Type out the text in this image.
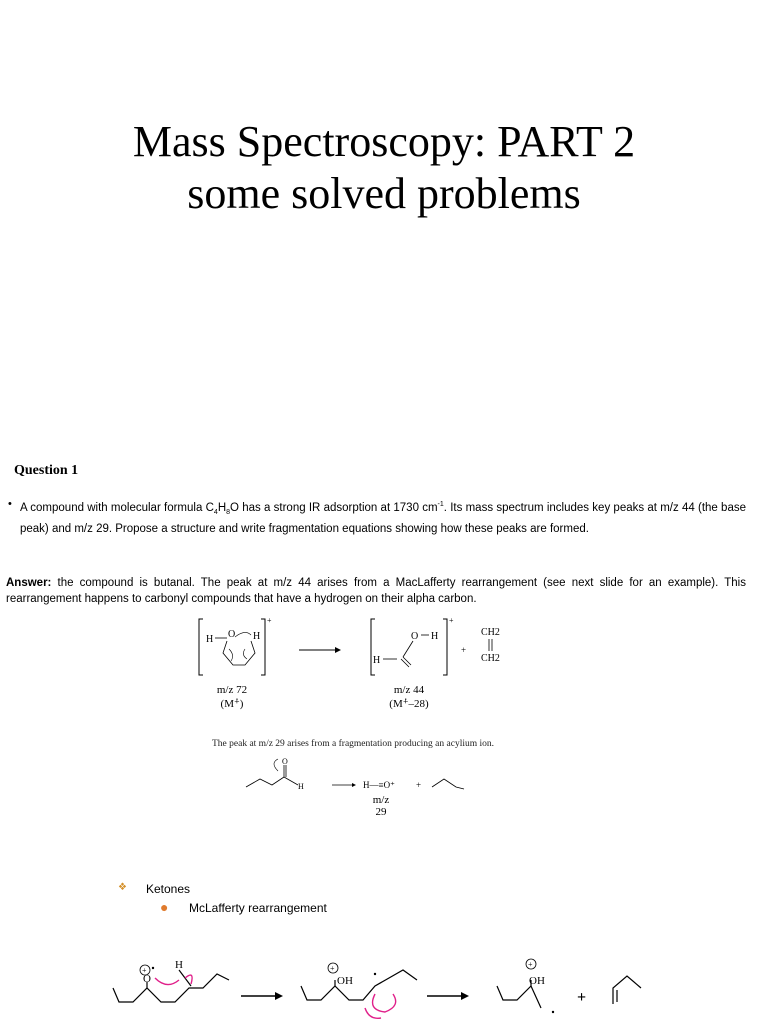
Mass Spectroscopy: PART 2
some solved problems
Question 1
• A compound with molecular formula $C_4H_8O$ has a strong IR adsorption at 1730 $cm^{-1}$. Its mass spectrum includes key peaks at m/z 44 (the base peak) and m/z 29. Propose a structure and write fragmentation equations showing how these peaks are formed.
Answer: the compound is butanal. The peak at m/z 44 arises from a MacLafferty rearrangement (see next slide for an example). This rearrangement happens to carbonyl compounds that have a hydrogen on their alpha carbon.
+
H O H
+
O H
H
+
CH2
CH2
m/z 72
(M⁺̇)
m/z 44
(M⁺̇–28)
The peak at m/z 29 arises from a fragmentation producing an acylium ion.
O
H	H—≡O⁺ +
m/z 29
❖ Ketones
● McLafferty rearrangement
O
+	H
OH
+
OH
+
+
